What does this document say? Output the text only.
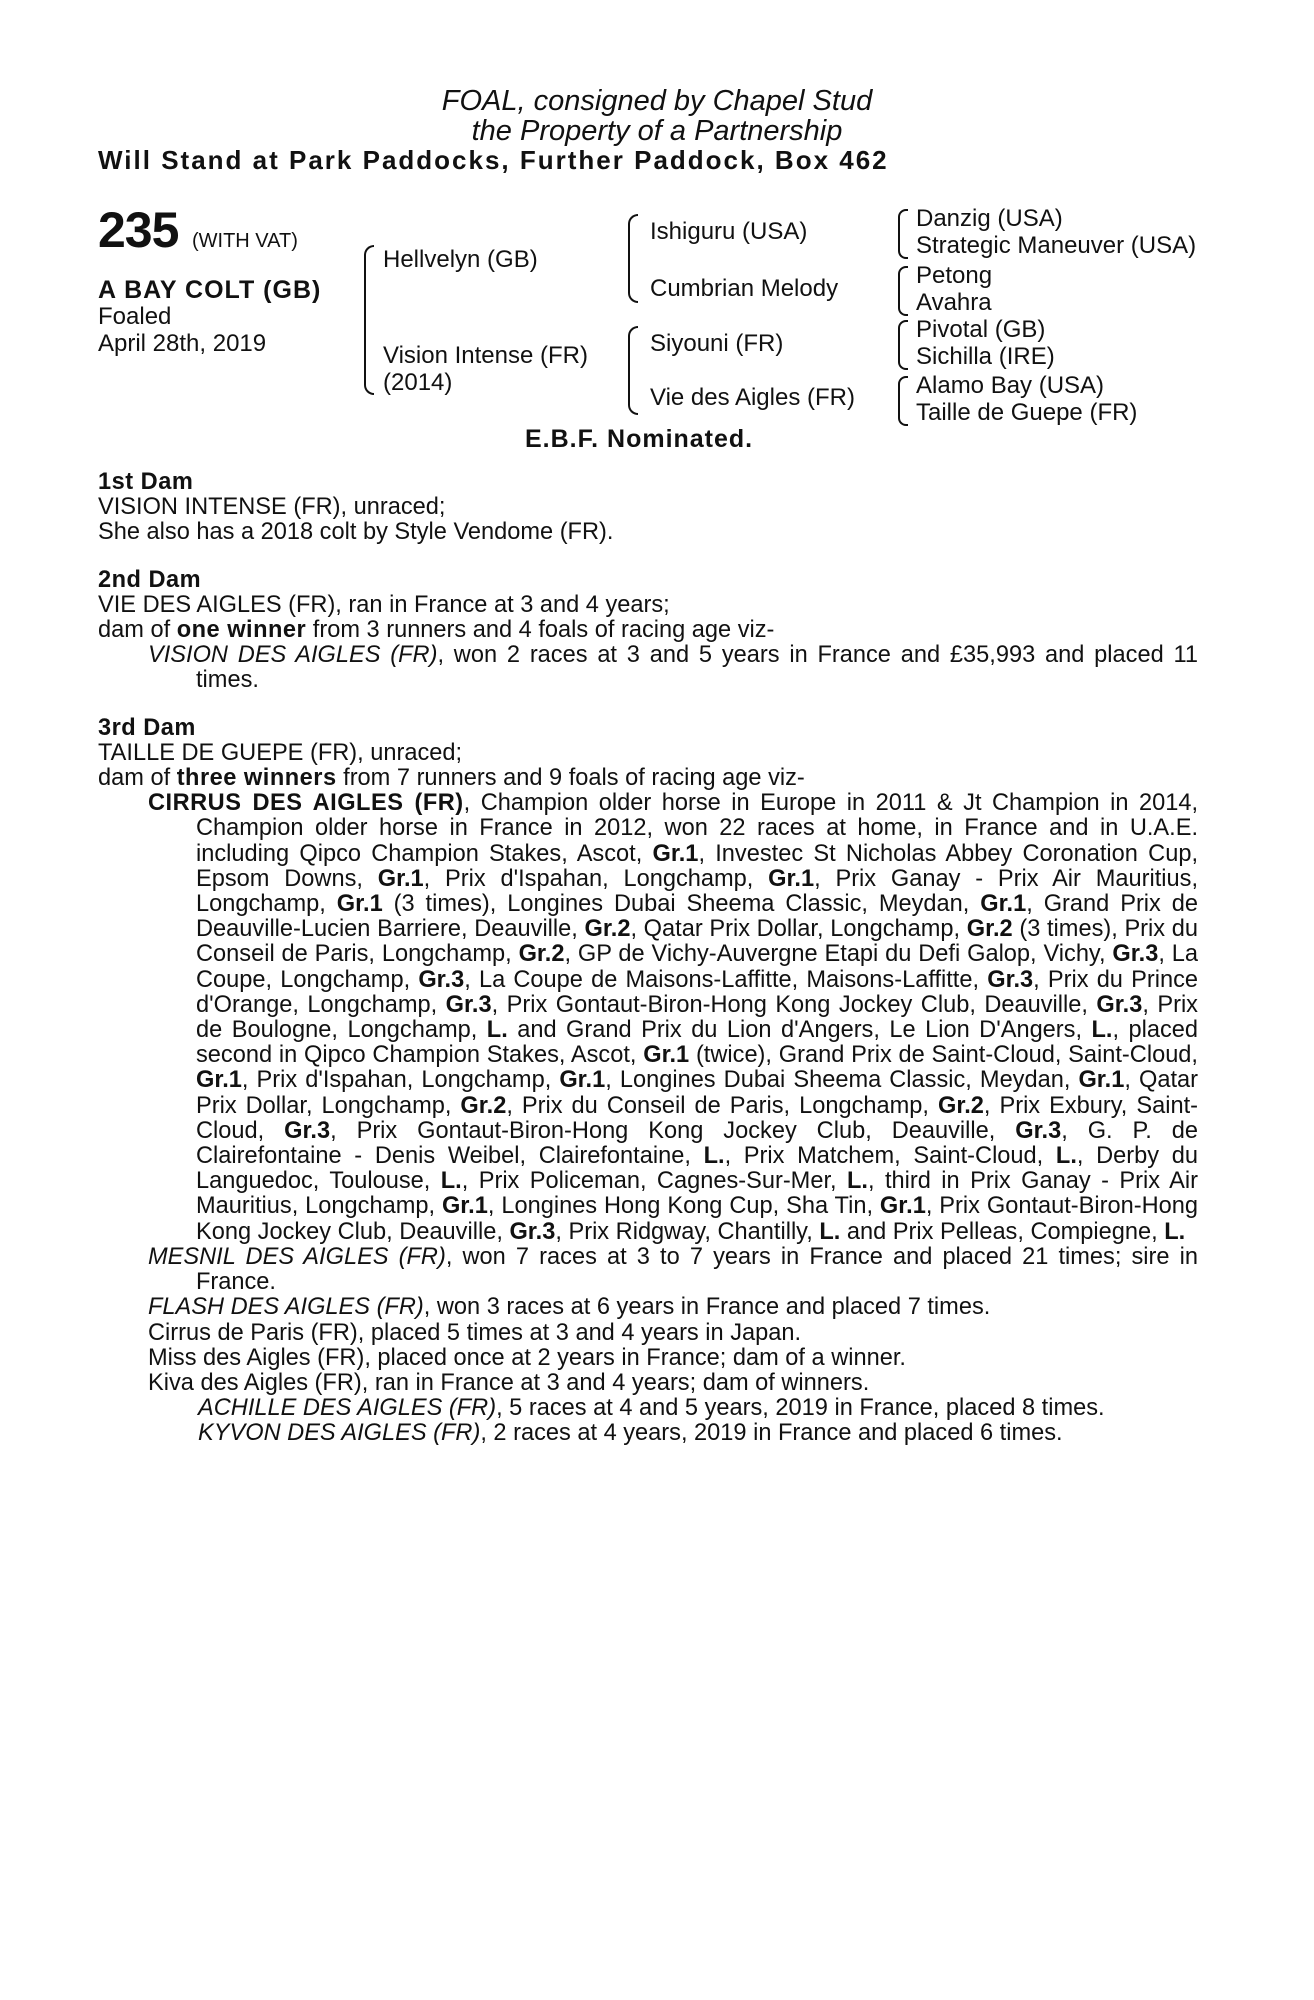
FOAL, consigned by Chapel Stud
the Property of a Partnership
Will Stand at Park Paddocks, Further Paddock, Box 462
235 (WITH VAT)
A BAY COLT (GB)
Foaled
April 28th, 2019
Hellvelyn (GB)
Vision Intense (FR)
(2014)
Ishiguru (USA)
Cumbrian Melody
Siyouni (FR)
Vie des Aigles (FR)
Danzig (USA)
Strategic Maneuver (USA)
Petong
Avahra
Pivotal (GB)
Sichilla (IRE)
Alamo Bay (USA)
Taille de Guepe (FR)
E.B.F. Nominated.
1st Dam
VISION INTENSE (FR), unraced;
She also has a 2018 colt by Style Vendome (FR).
2nd Dam
VIE DES AIGLES (FR), ran in France at 3 and 4 years;
dam of one winner from 3 runners and 4 foals of racing age viz-
VISION DES AIGLES (FR), won 2 races at 3 and 5 years in France and £35,993 and placed 11 times.
3rd Dam
TAILLE DE GUEPE (FR), unraced;
dam of three winners from 7 runners and 9 foals of racing age viz-
CIRRUS DES AIGLES (FR), Champion older horse in Europe in 2011 & Jt Champion in 2014, Champion older horse in France in 2012, won 22 races at home, in France and in U.A.E. including Qipco Champion Stakes, Ascot, Gr.1, Investec St Nicholas Abbey Coronation Cup, Epsom Downs, Gr.1, Prix d'Ispahan, Longchamp, Gr.1, Prix Ganay - Prix Air Mauritius, Longchamp, Gr.1 (3 times), Longines Dubai Sheema Classic, Meydan, Gr.1, Grand Prix de Deauville-Lucien Barriere, Deauville, Gr.2, Qatar Prix Dollar, Longchamp, Gr.2 (3 times), Prix du Conseil de Paris, Longchamp, Gr.2, GP de Vichy-Auvergne Etapi du Defi Galop, Vichy, Gr.3, La Coupe, Longchamp, Gr.3, La Coupe de Maisons-Laffitte, Maisons-Laffitte, Gr.3, Prix du Prince d'Orange, Longchamp, Gr.3, Prix Gontaut-Biron-Hong Kong Jockey Club, Deauville, Gr.3, Prix de Boulogne, Longchamp, L. and Grand Prix du Lion d'Angers, Le Lion D'Angers, L., placed second in Qipco Champion Stakes, Ascot, Gr.1 (twice), Grand Prix de Saint-Cloud, Saint-Cloud, Gr.1, Prix d'Ispahan, Longchamp, Gr.1, Longines Dubai Sheema Classic, Meydan, Gr.1, Qatar Prix Dollar, Longchamp, Gr.2, Prix du Conseil de Paris, Longchamp, Gr.2, Prix Exbury, Saint-Cloud, Gr.3, Prix Gontaut-Biron-Hong Kong Jockey Club, Deauville, Gr.3, G. P. de Clairefontaine - Denis Weibel, Clairefontaine, L., Prix Matchem, Saint-Cloud, L., Derby du Languedoc, Toulouse, L., Prix Policeman, Cagnes-Sur-Mer, L., third in Prix Ganay - Prix Air Mauritius, Longchamp, Gr.1, Longines Hong Kong Cup, Sha Tin, Gr.1, Prix Gontaut-Biron-Hong Kong Jockey Club, Deauville, Gr.3, Prix Ridgway, Chantilly, L. and Prix Pelleas, Compiegne, L.
MESNIL DES AIGLES (FR), won 7 races at 3 to 7 years in France and placed 21 times; sire in France.
FLASH DES AIGLES (FR), won 3 races at 6 years in France and placed 7 times.
Cirrus de Paris (FR), placed 5 times at 3 and 4 years in Japan.
Miss des Aigles (FR), placed once at 2 years in France; dam of a winner.
Kiva des Aigles (FR), ran in France at 3 and 4 years; dam of winners.
ACHILLE DES AIGLES (FR), 5 races at 4 and 5 years, 2019 in France, placed 8 times.
KYVON DES AIGLES (FR), 2 races at 4 years, 2019 in France and placed 6 times.
